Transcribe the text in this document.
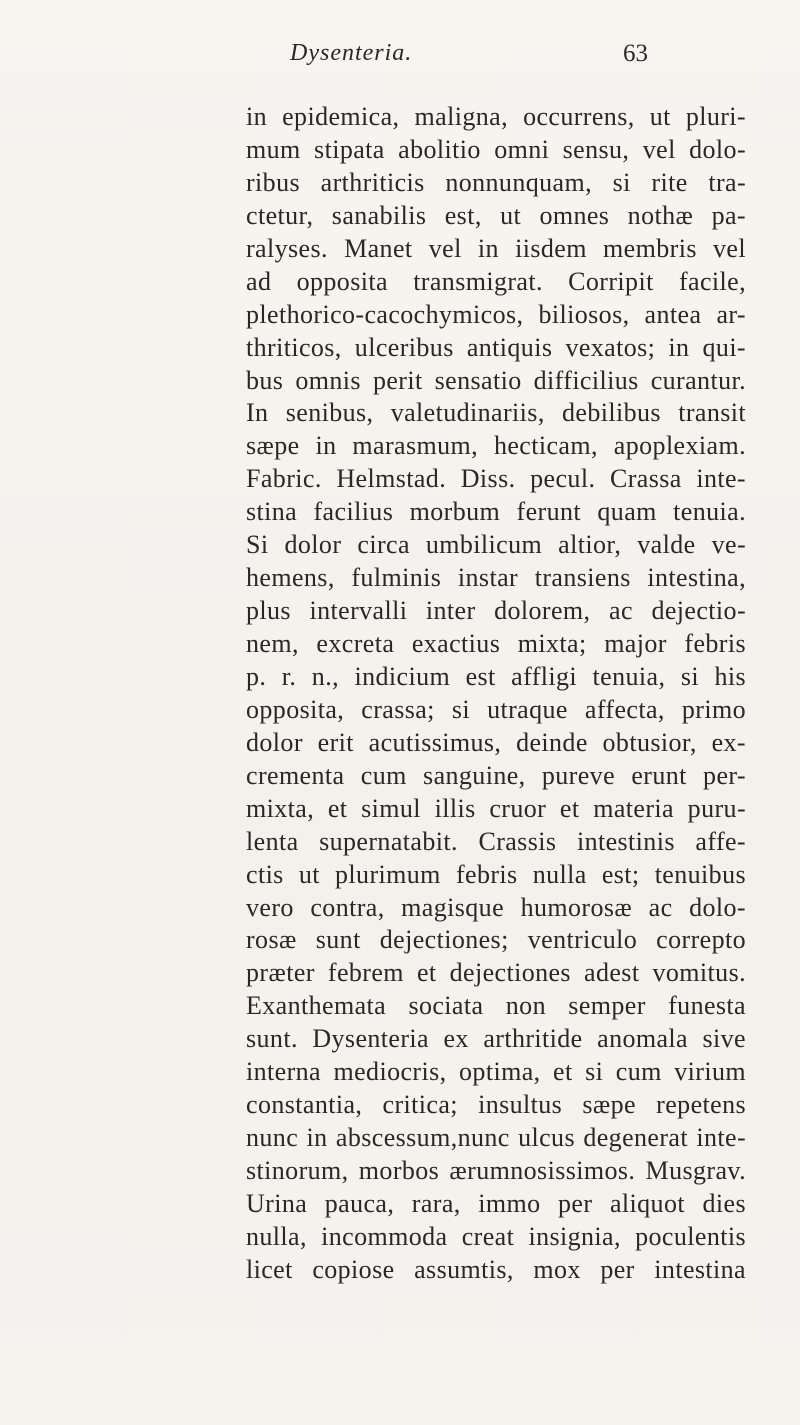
Dysenteria.	63
in epidemica, maligna, occurrens, ut pluri-
mum stipata abolitio omni sensu, vel dolo-
ribus arthriticis nonnunquam, si rite tra-
ctetur, sanabilis est, ut omnes nothæ pa-
ralyses. Manet vel in iisdem membris vel
ad opposita transmigrat. Corripit facile,
plethorico-cacochymicos, biliosos, antea ar-
thriticos, ulceribus antiquis vexatos; in qui-
bus omnis perit sensatio difficilius curantur.
In senibus, valetudinariis, debilibus transit
sæpe in marasmum, hecticam, apoplexiam.
Fabric. Helmstad. Diss. pecul. Crassa inte-
stina facilius morbum ferunt quam tenuia.
Si dolor circa umbilicum altior, valde ve-
hemens, fulminis instar transiens intestina,
plus intervalli inter dolorem, ac dejectio-
nem, excreta exactius mixta; major febris
p. r. n., indicium est affligi tenuia, si his
opposita, crassa; si utraque affecta, primo
dolor erit acutissimus, deinde obtusior, ex-
crementa cum sanguine, pureve erunt per-
mixta, et simul illis cruor et materia puru-
lenta supernatabit. Crassis intestinis affe-
ctis ut plurimum febris nulla est; tenuibus
vero contra, magisque humorosæ ac dolo-
rosæ sunt dejectiones; ventriculo correpto
præter febrem et dejectiones adest vomitus.
Exanthemata sociata non semper funesta
sunt. Dysenteria ex arthritide anomala sive
interna mediocris, optima, et si cum virium
constantia, critica; insultus sæpe repetens
nunc in abscessum,nunc ulcus degenerat inte-
stinorum, morbos ærumnosissimos. Musgrav.
Urina pauca, rara, immo per aliquot dies
nulla, incommoda creat insignia, poculentis
licet copiose assumtis, mox per intestina
